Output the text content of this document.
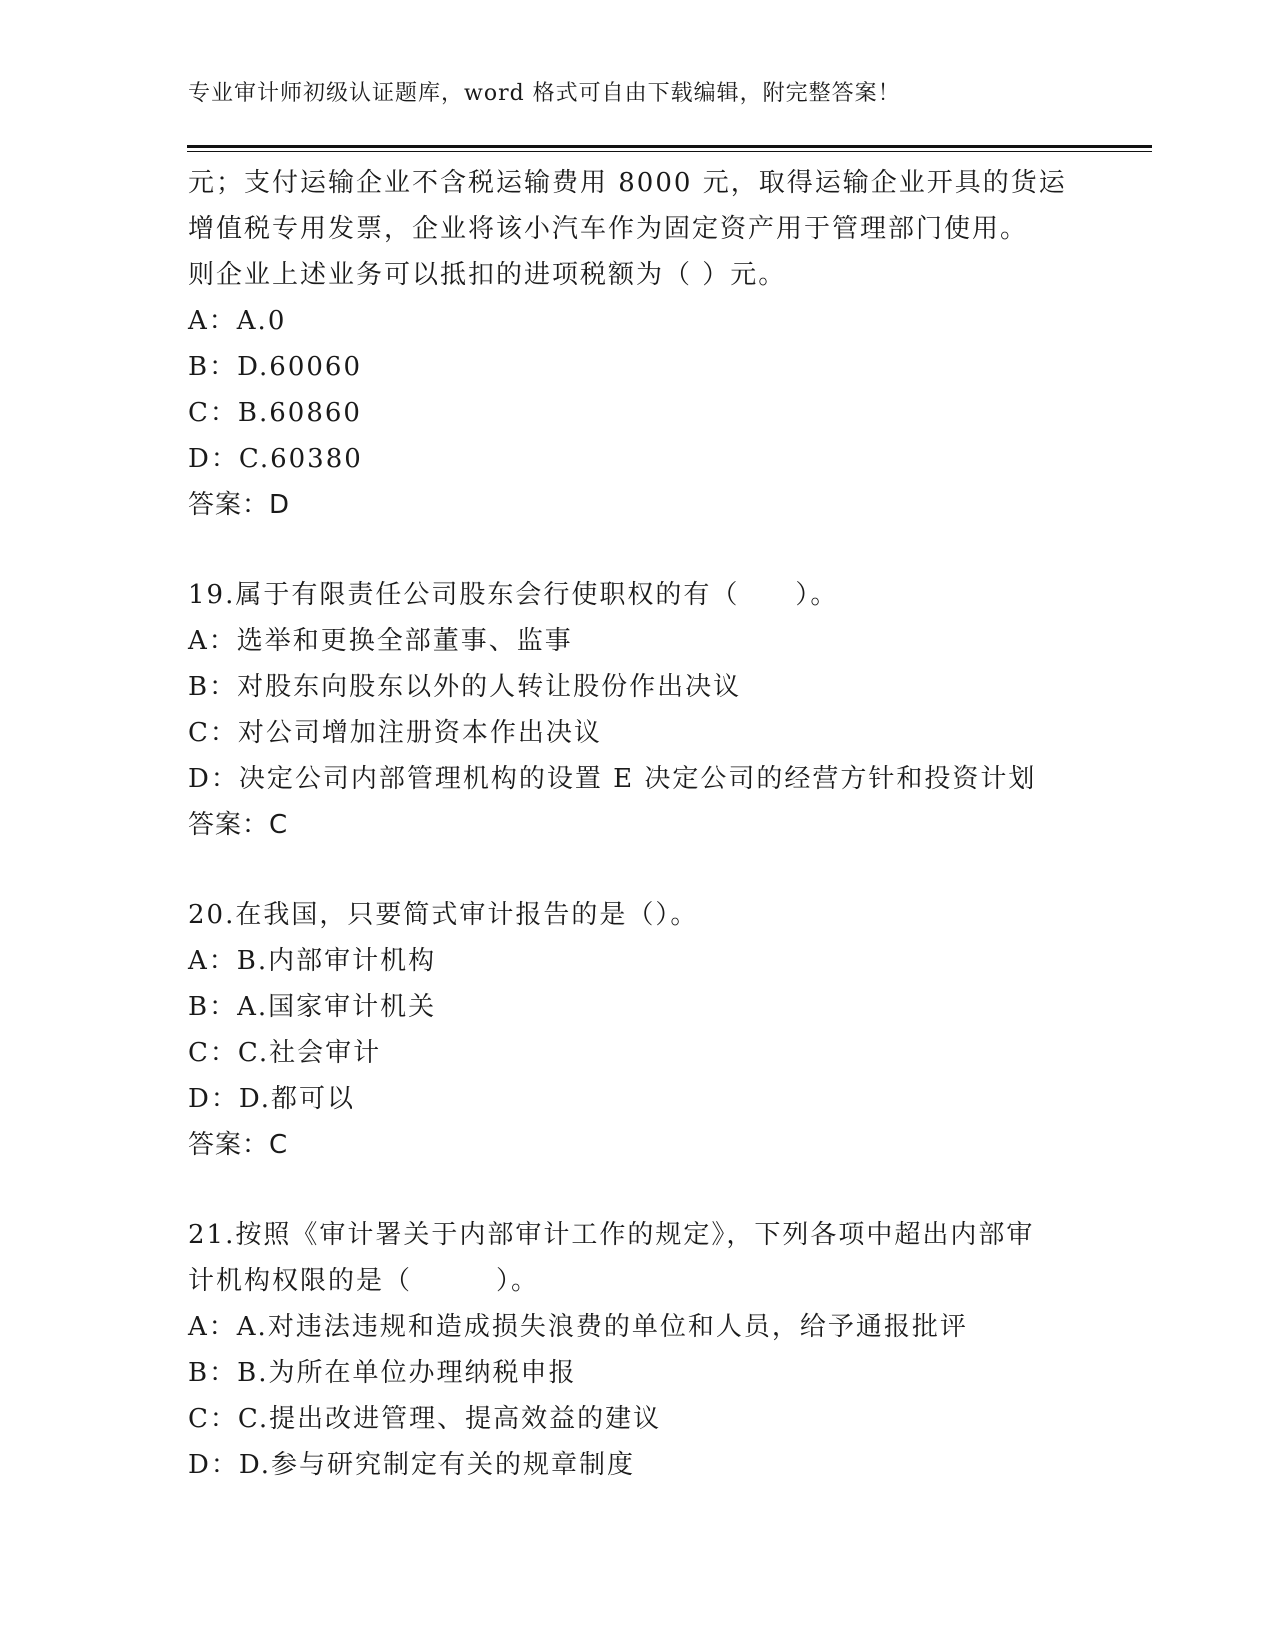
专业审计师初级认证题库，word 格式可自由下载编辑，附完整答案！
元；支付运输企业不含税运输费用 8000 元，取得运输企业开具的货运
增值税专用发票，企业将该小汽车作为固定资产用于管理部门使用。
则企业上述业务可以抵扣的进项税额为（ ）元。
A：A.0
B：D.60060
C：B.60860
D：C.60380
答案：D
19.属于有限责任公司股东会行使职权的有（　　）。
A：选举和更换全部董事、监事
B：对股东向股东以外的人转让股份作出决议
C：对公司增加注册资本作出决议
D：决定公司内部管理机构的设置 E 决定公司的经营方针和投资计划
答案：C
20.在我国，只要简式审计报告的是（）。
A：B.内部审计机构
B：A.国家审计机关
C：C.社会审计
D：D.都可以
答案：C
21.按照《审计署关于内部审计工作的规定》，下列各项中超出内部审
计机构权限的是（　　　）。
A：A.对违法违规和造成损失浪费的单位和人员，给予通报批评
B：B.为所在单位办理纳税申报
C：C.提出改进管理、提高效益的建议
D：D.参与研究制定有关的规章制度
